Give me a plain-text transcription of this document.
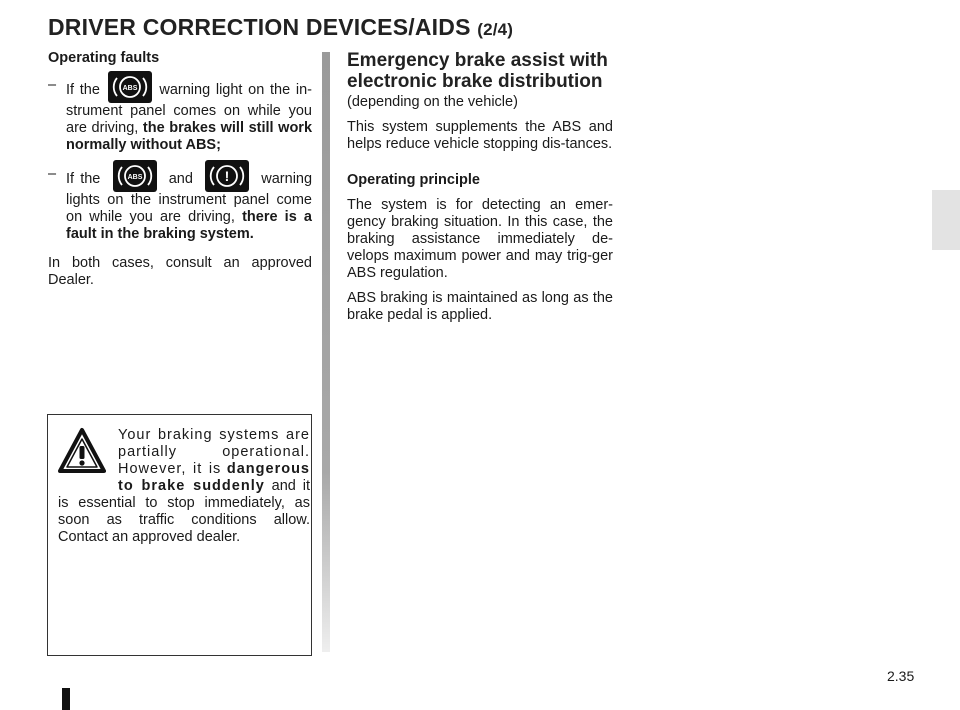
DRIVER CORRECTION DEVICES/AIDS (2/4)

Operating faults

– If the	ABS warning light on the in-strument panel comes on while you are driving, the brakes will still work normally without ABS;
– If the	ABS and ! warning lights on the instrument panel come on while you are driving, there is a fault in the braking system.

In both cases, consult an approved Dealer.

Your braking systems are partially operational. However, it is dangerous to brake suddenly and it is essential to stop immediately, as soon as traffic conditions allow. Contact an approved dealer.

Emergency brake assist with electronic brake distribution

(depending on the vehicle)

This system supplements the ABS and helps reduce vehicle stopping dis-tances.

Operating principle

The system is for detecting an emer-gency braking situation. In this case, the braking assistance immediately de-velops maximum power and may trig-ger ABS regulation.

ABS braking is maintained as long as the brake pedal is applied.

2.35
